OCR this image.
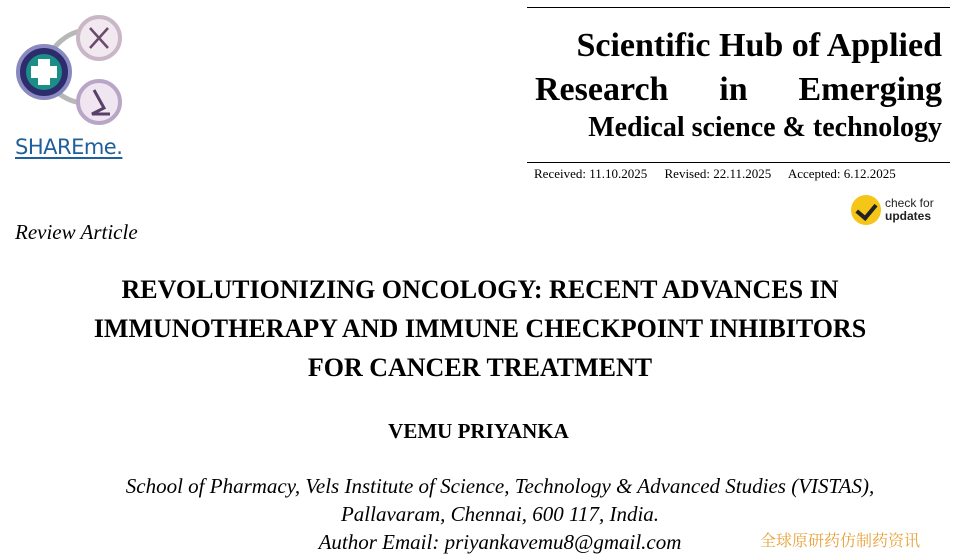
SHAREme.
Scientific Hub of Applied
Research in Emerging
Medical science & technology
Received: 11.10.2025 Revised: 22.11.2025 Accepted: 6.12.2025
check for
updates
Review Article
REVOLUTIONIZING ONCOLOGY: RECENT ADVANCES IN
IMMUNOTHERAPY AND IMMUNE CHECKPOINT INHIBITORS
FOR CANCER TREATMENT
VEMU PRIYANKA
School of Pharmacy, Vels Institute of Science, Technology & Advanced Studies (VISTAS),
Pallavaram, Chennai, 600 117, India.
Author Email: priyankavemu8@gmail.com	全球原研药仿制药资讯
